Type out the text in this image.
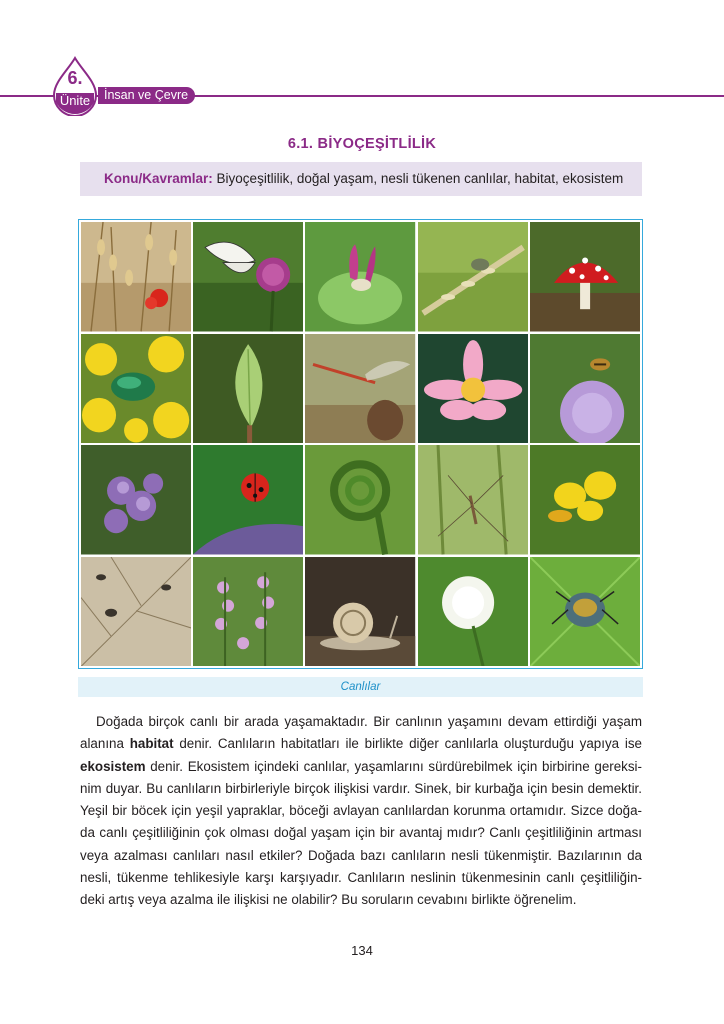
6.
Ünite	İnsan ve Çevre
6.1. BİYOÇEŞİTLİLİK
Konu/Kavramlar: Biyoçeşitlilik, doğal yaşam, nesli tükenen canlılar, habitat, ekosistem
Canlılar
Doğada birçok canlı bir arada yaşamaktadır. Bir canlının yaşamını devam ettirdiği yaşam
alanına habitat denir. Canlıların habitatları ile birlikte diğer canlılarla oluşturduğu yapıya ise
ekosistem denir. Ekosistem içindeki canlılar, yaşamlarını sürdürebilmek için birbirine gereksi-
nim duyar. Bu canlıların birbirleriyle birçok ilişkisi vardır. Sinek, bir kurbağa için besin demektir.
Yeşil bir böcek için yeşil yapraklar, böceği avlayan canlılardan korunma ortamıdır. Sizce doğa-
da canlı çeşitliliğinin çok olması doğal yaşam için bir avantaj mıdır? Canlı çeşitliliğinin artması
veya azalması canlıları nasıl etkiler? Doğada bazı canlıların nesli tükenmiştir. Bazılarının da
nesli, tükenme tehlikesiyle karşı karşıyadır. Canlıların neslinin tükenmesinin canlı çeşitliliğin-
deki artış veya azalma ile ilişkisi ne olabilir? Bu soruların cevabını birlikte öğrenelim.
134
